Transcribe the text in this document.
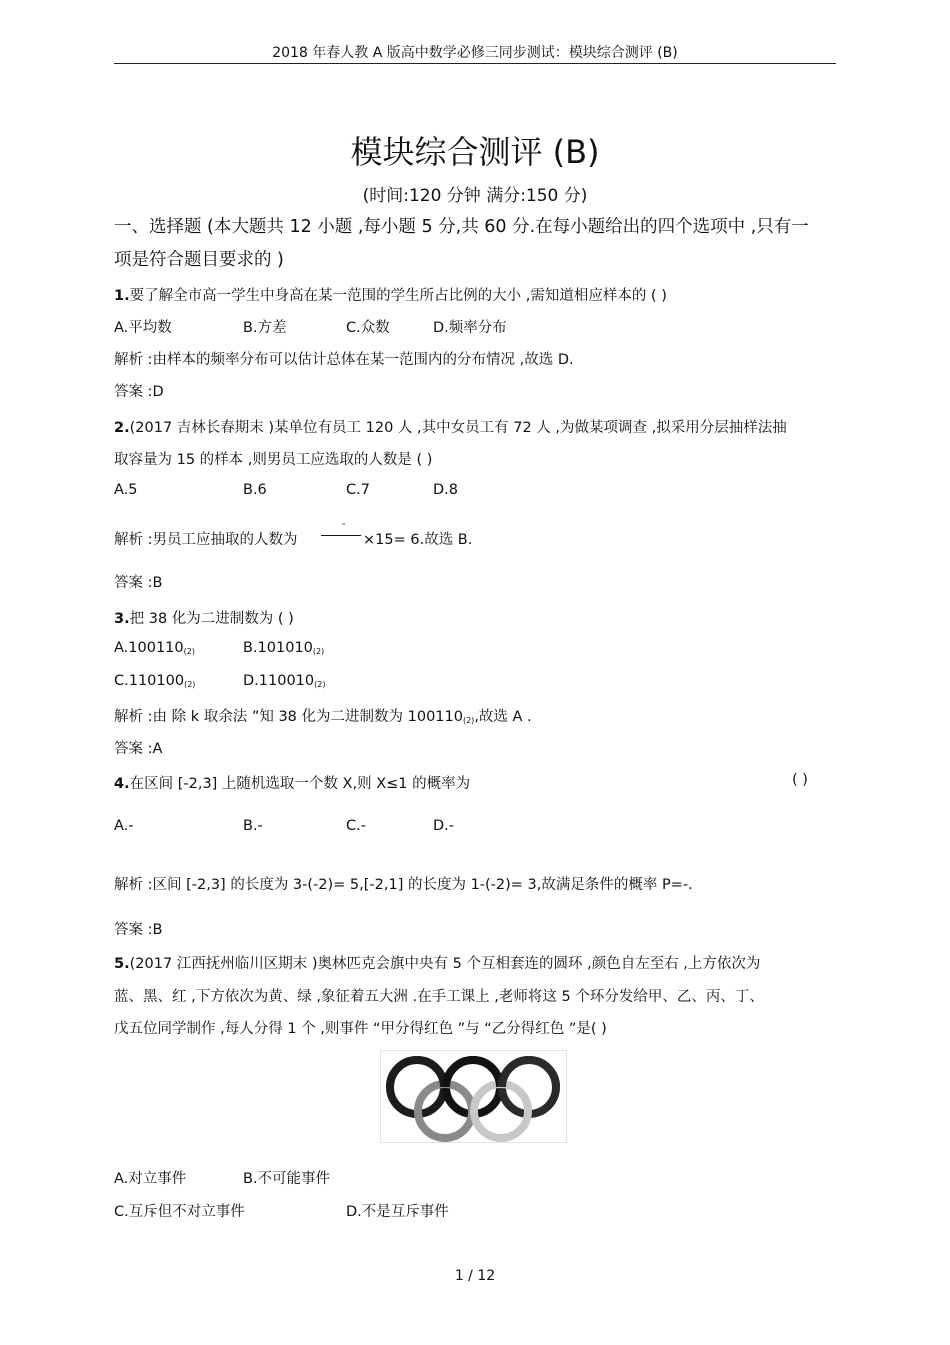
2018 年春人教 A 版高中数学必修三同步测试：模块综合测评 (B)
模块综合测评 (B)
(时间:120 分钟 满分:150 分)
一、选择题 (本大题共 12 小题 ,每小题 5 分,共 60 分.在每小题给出的四个选项中 ,只有一
项是符合题目要求的 )
1.要了解全市高一学生中身高在某一范围的学生所占比例的大小 ,需知道相应样本的 ( )
A.平均数	B.方差	C.众数	D.频率分布
解析 :由样本的频率分布可以估计总体在某一范围内的分布情况 ,故选 D.
答案 :D
2.(2017 吉林长春期末 )某单位有员工 120 人 ,其中女员工有 72 人 ,为做某项调查 ,拟采用分层抽样法抽
取容量为 15 的样本 ,则男员工应选取的人数是 ( )
A.5	B.6	C.7	D.8
解析 :男员工应抽取的人数为
-
×15= 6.故选 B.
答案 :B
3.把 38 化为二进制数为 ( )
$A.100110_{(2)}$	$B.101010_{(2)}$
$C.110100_{(2)}$	$D.110010_{(2)}$
解析 :由 除 k 取余法 ”知 38 化为二进制数为 $100110_{(2)}$,故选 A .
答案 :A
4.在区间 [-2,3] 上随机选取一个数 X,则 X≤1 的概率为	( )
A.-	B.-	C.-	D.-
解析 :区间 [-2,3] 的长度为 3-(-2)= 5,[-2,1] 的长度为 1-(-2)= 3,故满足条件的概率 P=-.
答案 :B
5.(2017 江西抚州临川区期末 )奥林匹克会旗中央有 5 个互相套连的圆环 ,颜色自左至右 ,上方依次为
蓝、黑、红 ,下方依次为黄、绿 ,象征着五大洲 .在手工课上 ,老师将这 5 个环分发给甲、乙、丙、丁、
戊五位同学制作 ,每人分得 1 个 ,则事件 “甲分得红色 ”与 “乙分得红色 ”是( )
A.对立事件	B.不可能事件
C.互斥但不对立事件	D.不是互斥事件
1 / 12
